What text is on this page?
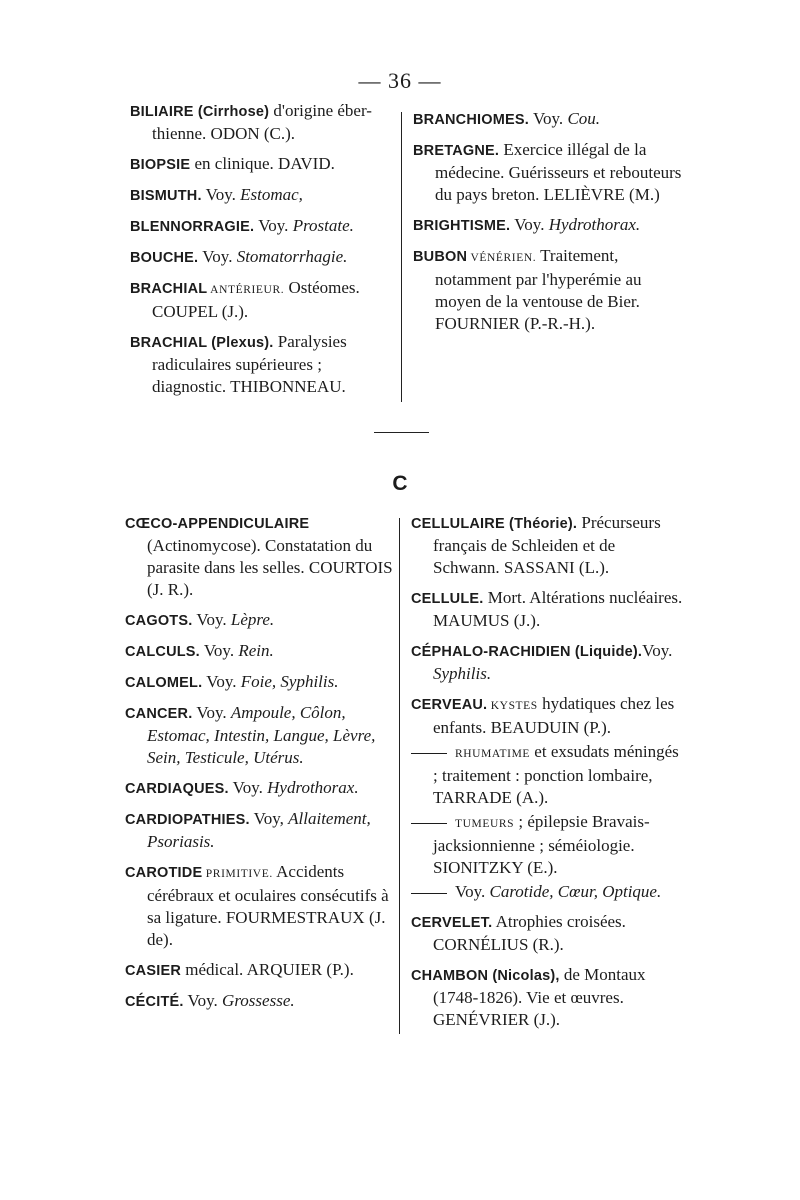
— 36 —

BILIAIRE (Cirrhose) d'origine éber-thienne. ODON (C.).

BIOPSIE en clinique. DAVID.

BISMUTH. Voy. Estomac,

BLENNORRAGIE. Voy. Prostate.

BOUCHE. Voy. Stomatorrhagie.

BRACHIAL ANTÉRIEUR. Ostéomes. COUPEL (J.).

BRACHIAL (Plexus). Paralysies radiculaires supérieures ; diagnostic. THIBONNEAU.

BRANCHIOMES. Voy. Cou.

BRETAGNE. Exercice illégal de la médecine. Guérisseurs et rebouteurs du pays breton. LELIÈVRE (M.)

BRIGHTISME. Voy. Hydrothorax.

BUBON VÉNÉRIEN. Traitement, notamment par l'hyperémie au moyen de la ventouse de Bier. FOURNIER (P.-R.-H.).

C

CŒCO-APPENDICULAIRE (Actinomycose). Constatation du parasite dans les selles. COURTOIS (J. R.).

CAGOTS. Voy. Lèpre.

CALCULS. Voy. Rein.

CALOMEL. Voy. Foie, Syphilis.

CANCER. Voy. Ampoule, Côlon, Estomac, Intestin, Langue, Lèvre, Sein, Testicule, Utérus.

CARDIAQUES. Voy. Hydrothorax.

CARDIOPATHIES. Voy, Allaitement, Psoriasis.

CAROTIDE PRIMITIVE. Accidents cérébraux et oculaires consécutifs à sa ligature. FOURMESTRAUX (J. de).

CASIER médical. ARQUIER (P.).

CÉCITÉ. Voy. Grossesse.

CELLULAIRE (Théorie). Précurseurs français de Schleiden et de Schwann. SASSANI (L.).

CELLULE. Mort. Altérations nucléaires. MAUMUS (J.).

CÉPHALO-RACHIDIEN (Liquide).Voy. Syphilis.

CERVEAU. KYSTES hydatiques chez les enfants. BEAUDUIN (P.).

RHUMATIME et exsudats méningés ; traitement : ponction lombaire, TARRADE (A.).

TUMEURS ; épilepsie Bravais-jacksionnienne ; séméiologie. SIONITZKY (E.).

Voy. Carotide, Cœur, Optique.

CERVELET. Atrophies croisées. CORNÉLIUS (R.).

CHAMBON (Nicolas), de Montaux (1748-1826). Vie et œuvres. GENÉVRIER (J.).
